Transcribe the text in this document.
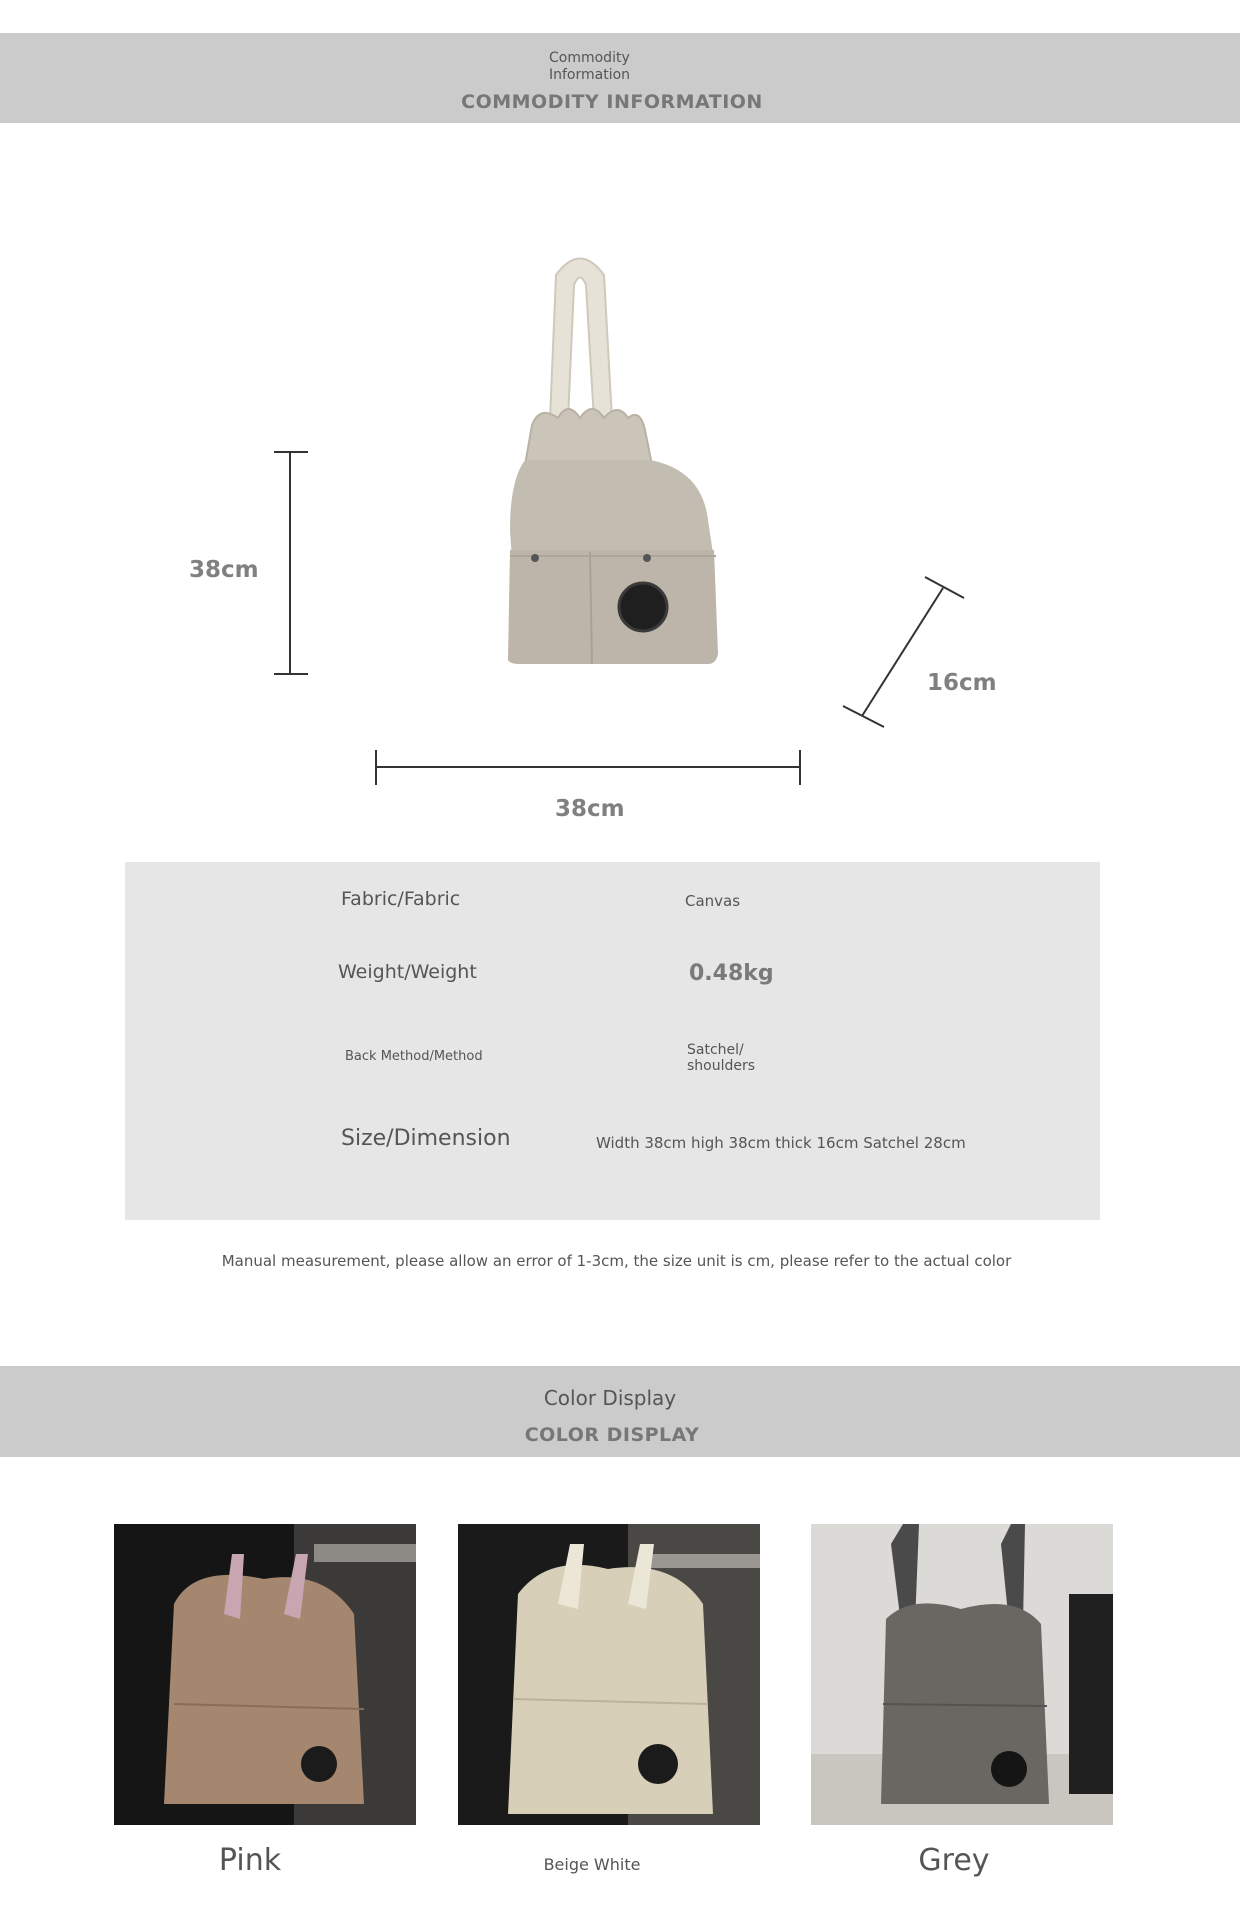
Commodity Information
COMMODITY INFORMATION
38cm
38cm
16cm
Fabric/Fabric	Canvas
Weight/Weight	0.48kg
Back Method/Method	Satchel/
shoulders
Size/Dimension	Width 38cm high 38cm thick 16cm Satchel 28cm
Manual measurement, please allow an error of 1-3cm, the size unit is cm, please refer to the actual color
Color Display
COLOR DISPLAY
Pink	Beige White	Grey
